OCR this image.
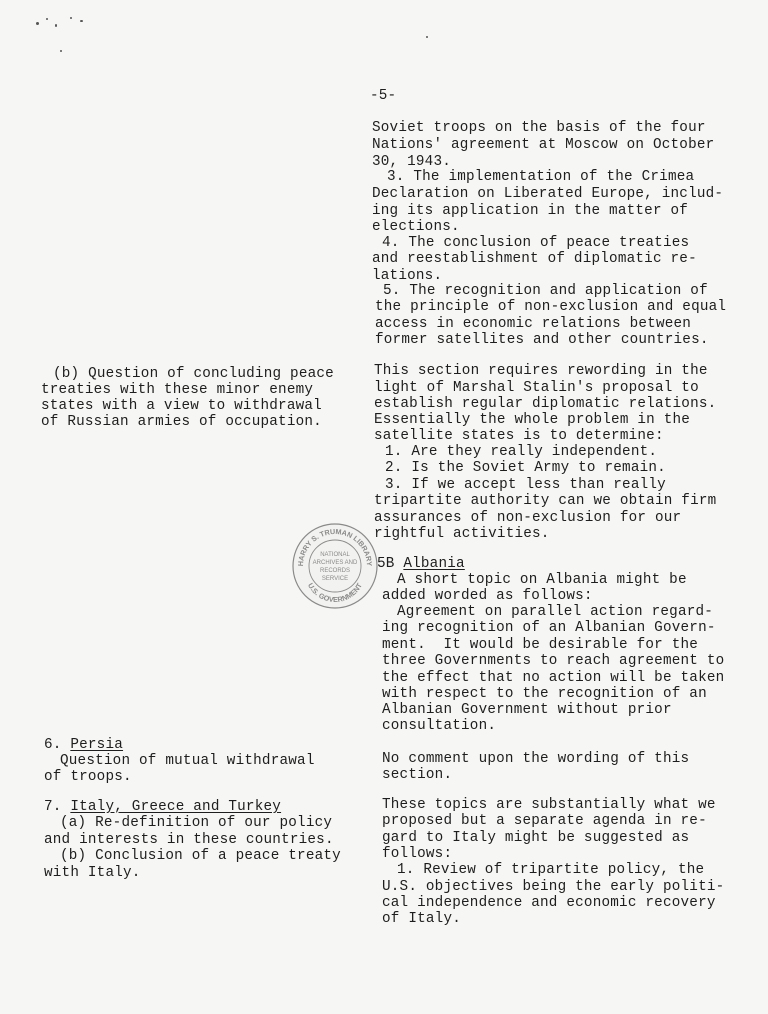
-5-
Soviet troops on the basis of the four
Nations' agreement at Moscow on October
30, 1943.
3. The implementation of the Crimea
Declaration on Liberated Europe, includ-
ing its application in the matter of
elections.
4. The conclusion of peace treaties
and reestablishment of diplomatic re-
lations.
5. The recognition and application of
the principle of non-exclusion and equal
access in economic relations between
former satellites and other countries.
(b) Question of concluding peace
treaties with these minor enemy
states with a view to withdrawal
of Russian armies of occupation.
This section requires rewording in the
light of Marshal Stalin's proposal to
establish regular diplomatic relations.
Essentially the whole problem in the
satellite states is to determine:
1. Are they really independent.
2. Is the Soviet Army to remain.
3. If we accept less than really
tripartite authority can we obtain firm
assurances of non-exclusion for our
rightful activities.
HARRY S. TRUMAN LIBRARY
U.S. GOVERNMENT
NATIONAL
ARCHIVES AND
RECORDS
SERVICE
5B Albania
A short topic on Albania might be
added worded as follows:
Agreement on parallel action regard-
ing recognition of an Albanian Govern-
ment.  It would be desirable for the
three Governments to reach agreement to
the effect that no action will be taken
with respect to the recognition of an
Albanian Government without prior
consultation.
6. Persia
Question of mutual withdrawal
of troops.
No comment upon the wording of this
section.
7. Italy, Greece and Turkey
(a) Re-definition of our policy
and interests in these countries.
(b) Conclusion of a peace treaty
with Italy.
These topics are substantially what we
proposed but a separate agenda in re-
gard to Italy might be suggested as
follows:
1. Review of tripartite policy, the
U.S. objectives being the early politi-
cal independence and economic recovery
of Italy.
